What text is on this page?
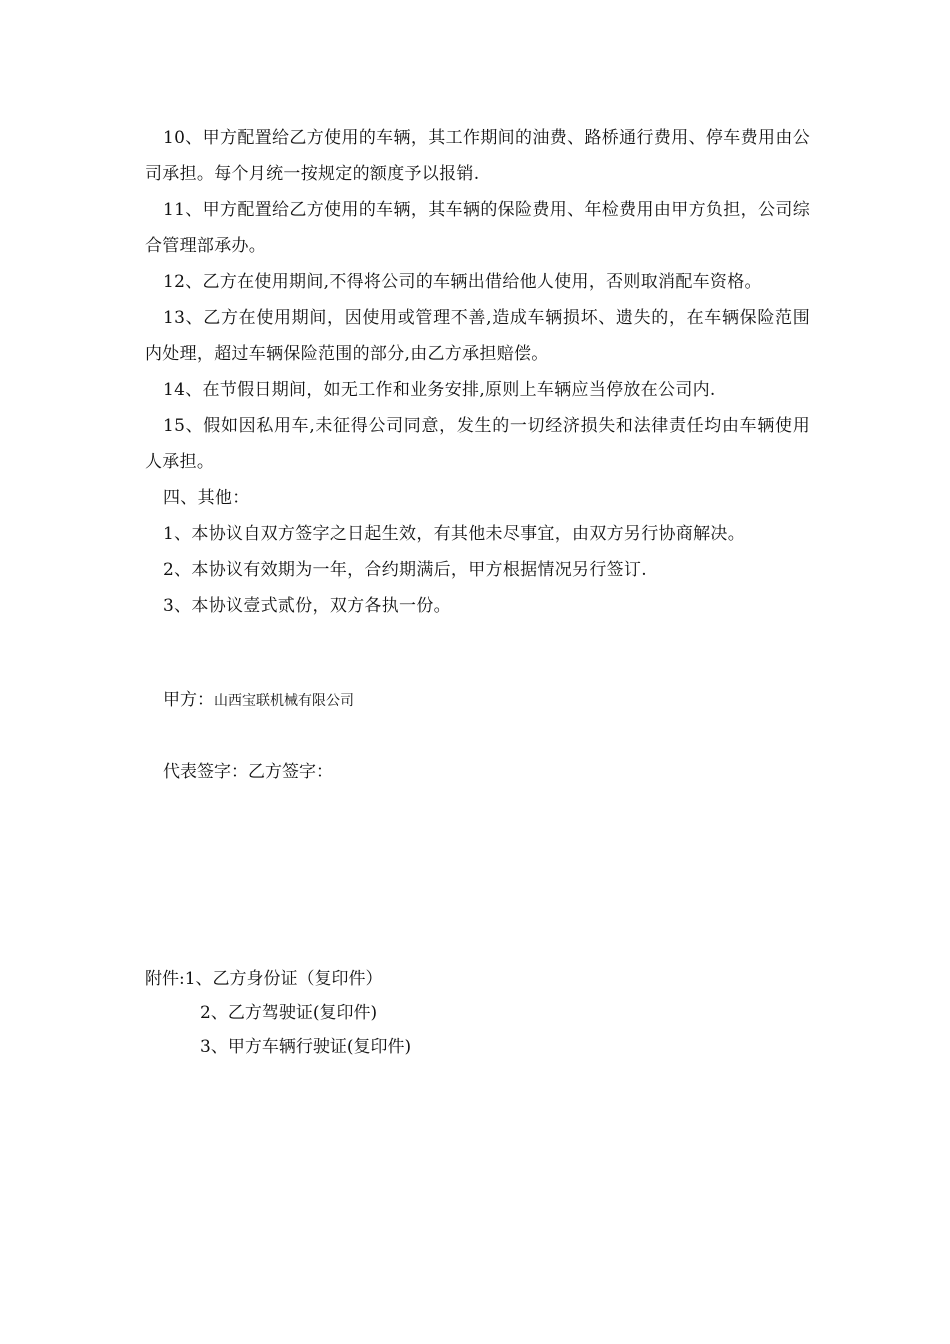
10、甲方配置给乙方使用的车辆，其工作期间的油费、路桥通行费用、停车费用由公司承担。每个月统一按规定的额度予以报销.

11、甲方配置给乙方使用的车辆，其车辆的保险费用、年检费用由甲方负担，公司综合管理部承办。

12、乙方在使用期间,不得将公司的车辆出借给他人使用，否则取消配车资格。

13、乙方在使用期间，因使用或管理不善,造成车辆损坏、遗失的，在车辆保险范围内处理，超过车辆保险范围的部分,由乙方承担赔偿。

14、在节假日期间，如无工作和业务安排,原则上车辆应当停放在公司内.

15、假如因私用车,未征得公司同意，发生的一切经济损失和法律责任均由车辆使用人承担。

四、其他：

1、本协议自双方签字之日起生效，有其他未尽事宜，由双方另行协商解决。

2、本协议有效期为一年，合约期满后，甲方根据情况另行签订.

3、本协议壹式贰份，双方各执一份。

甲方：山西宝联机械有限公司
代表签字：乙方签字：
附件:1、乙方身份证（复印件）
2、乙方驾驶证(复印件)
3、甲方车辆行驶证(复印件)
